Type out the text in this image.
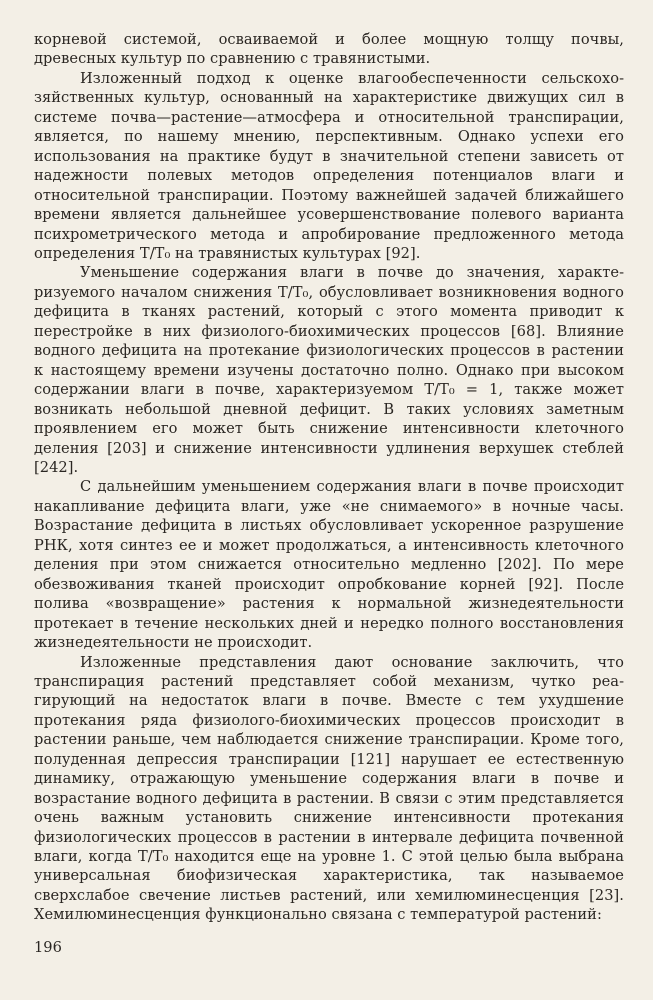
корневой системой, осваиваемой и более мощную толщу почвы, древесных культур по сравнению с травянистыми.

Изложенный подход к оценке влагообеспеченности сельскохозяйственных культур, основанный на характеристике движущих сил в системе почва—растение—атмосфера и относительной транспирации, является, по нашему мнению, перспективным. Однако успехи его использования на практике будут в значительной степени зависеть от надежности полевых методов определения потенциалов влаги и относительной транспирации. Поэтому важнейшей задачей ближайшего времени является дальнейшее усовершенствование полевого варианта психрометрического метода и апробирование предложенного метода определения T/T₀ на травянистых культурах [92].

Уменьшение содержания влаги в почве до значения, характеризуемого началом снижения T/T₀, обусловливает возникновения водного дефицита в тканях растений, который с этого момента приводит к перестройке в них физиолого-биохимических процессов [68]. Влияние водного дефицита на протекание физиологических процессов в растении к настоящему времени изучены достаточно полно. Однако при высоком содержании влаги в почве, характеризуемом T/T₀ = 1, также может возникать небольшой дневной дефицит. В таких условиях заметным проявлением его может быть снижение интенсивности клеточного деления [203] и снижение интенсивности удлинения верхушек стеблей [242].

С дальнейшим уменьшением содержания влаги в почве происходит накапливание дефицита влаги, уже «не снимаемого» в ночные часы. Возрастание дефицита в листьях обусловливает ускоренное разрушение РНК, хотя синтез ее и может продолжаться, а интенсивность клеточного деления при этом снижается относительно медленно [202]. По мере обезвоживания тканей происходит опробкование корней [92]. После полива «возвращение» растения к нормальной жизнедеятельности протекает в течение нескольких дней и нередко полного восстановления жизнедеятельности не происходит.

Изложенные представления дают основание заключить, что транспирация растений представляет собой механизм, чутко реагирующий на недостаток влаги в почве. Вместе с тем ухудшение протекания ряда физиолого-биохимических процессов происходит в растении раньше, чем наблюдается снижение транспирации. Кроме того, полуденная депрессия транспирации [121] нарушает ее естественную динамику, отражающую уменьшение содержания влаги в почве и возрастание водного дефицита в растении. В связи с этим представляется очень важным установить снижение интенсивности протекания физиологических процессов в растении в интервале дефицита почвенной влаги, когда T/T₀ находится еще на уровне 1. С этой целью была выбрана универсальная биофизическая характеристика, так называемое сверхслабое свечение листьев растений, или хемилюминесценция [23]. Хемилюминесценция функционально связана с температурой растений:

196
